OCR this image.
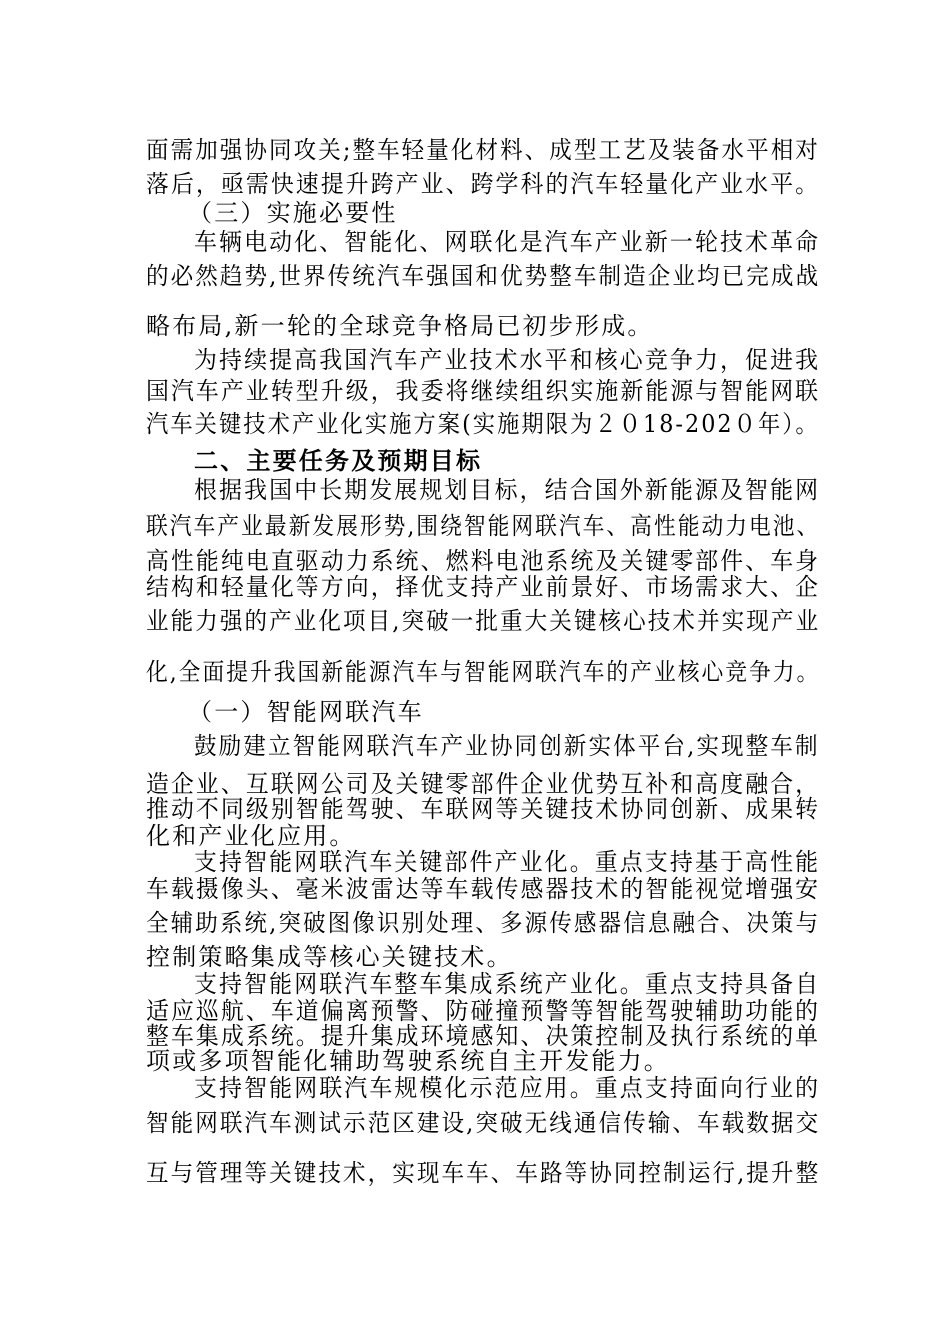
面需加强协同攻关;整车轻量化材料、成型工艺及装备水平相对

落后，亟需快速提升跨产业、跨学科的汽车轻量化产业水平。

（三）实施必要性

车辆电动化、智能化、网联化是汽车产业新一轮技术革命

的必然趋势,世界传统汽车强国和优势整车制造企业均已完成战

略布局,新一轮的全球竞争格局已初步形成。

为持续提高我国汽车产业技术水平和核心竞争力，促进我

国汽车产业转型升级，我委将继续组织实施新能源与智能网联

汽车关键技术产业化实施方案(实施期限为２０18-202０年）。

二、主要任务及预期目标

根据我国中长期发展规划目标，结合国外新能源及智能网

联汽车产业最新发展形势,围绕智能网联汽车、高性能动力电池、

高性能纯电直驱动力系统、燃料电池系统及关键零部件、车身

结构和轻量化等方向，择优支持产业前景好、市场需求大、企

业能力强的产业化项目,突破一批重大关键核心技术并实现产业

化,全面提升我国新能源汽车与智能网联汽车的产业核心竞争力。

（一）智能网联汽车

鼓励建立智能网联汽车产业协同创新实体平台,实现整车制

造企业、互联网公司及关键零部件企业优势互补和高度融合，

推动不同级别智能驾驶、车联网等关键技术协同创新、成果转

化和产业化应用。

支持智能网联汽车关键部件产业化。重点支持基于高性能

车载摄像头、毫米波雷达等车载传感器技术的智能视觉增强安

全辅助系统,突破图像识别处理、多源传感器信息融合、决策与

控制策略集成等核心关键技术。

支持智能网联汽车整车集成系统产业化。重点支持具备自

适应巡航、车道偏离预警、防碰撞预警等智能驾驶辅助功能的

整车集成系统。提升集成环境感知、决策控制及执行系统的单

项或多项智能化辅助驾驶系统自主开发能力。

支持智能网联汽车规模化示范应用。重点支持面向行业的

智能网联汽车测试示范区建设,突破无线通信传输、车载数据交

互与管理等关键技术，实现车车、车路等协同控制运行,提升整
